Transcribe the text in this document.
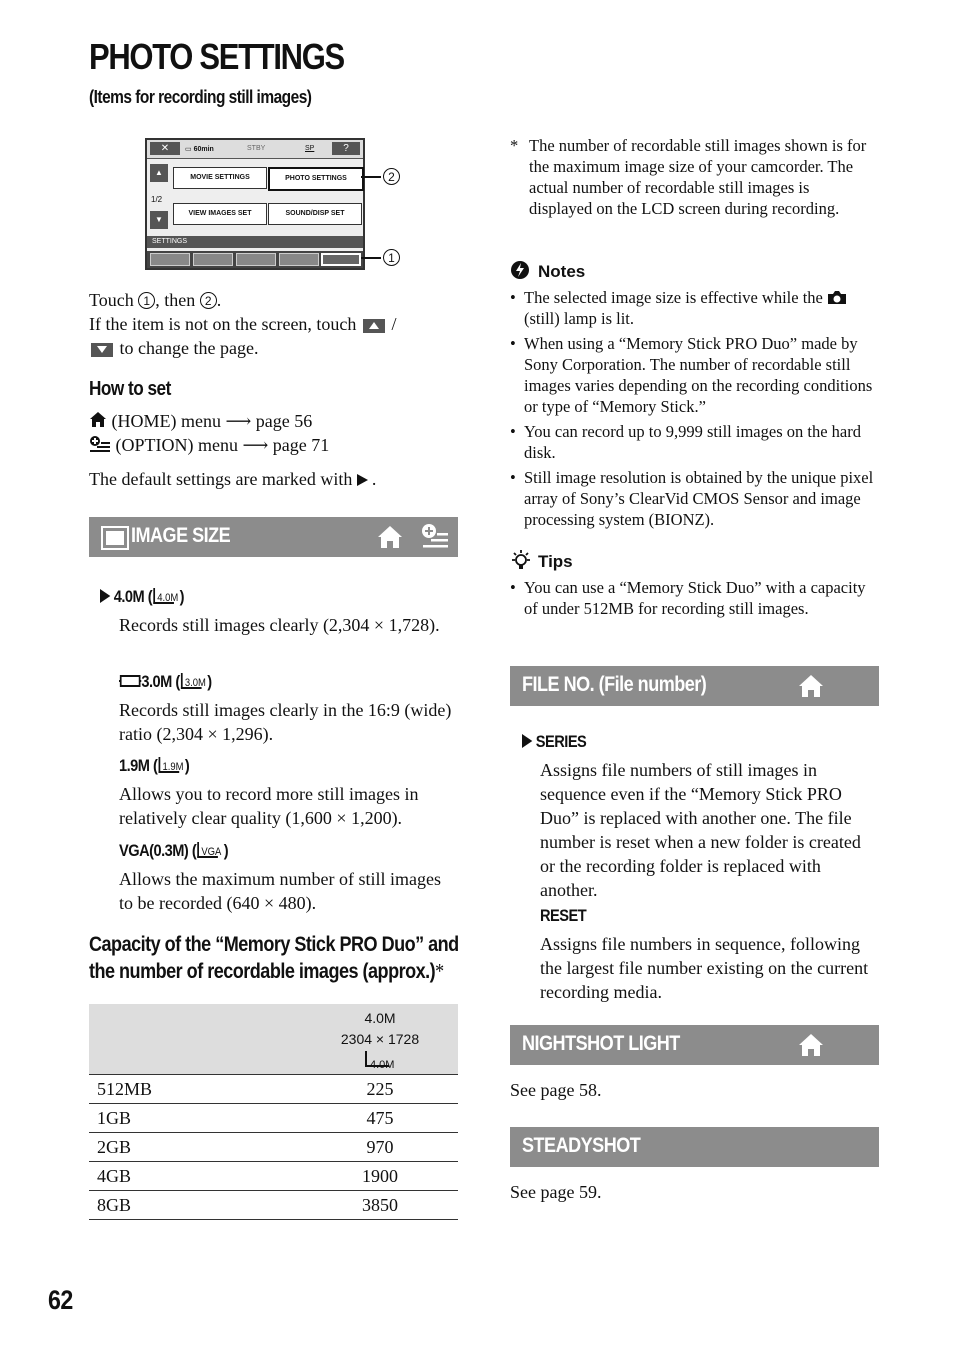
PHOTO SETTINGS
(Items for recording still images)
✕	▭ 60min	STBY	SP	?
▲
1/2
▼
MOVIE SETTINGS	PHOTO SETTINGS
VIEW IMAGES SET	SOUND/DISP SET
SETTINGS
2
1
Touch 1 , then 2 .
If the item is not on the screen, touch  /
to change the page.
How to set
(HOME) menu ⟶ page 56
(OPTION) menu ⟶ page 71
The default settings are marked with .
IMAGE SIZE
4.0M ( 4.0M )
Records still images clearly (2,304 × 1,728).
3.0M ( 3.0M )
Records still images clearly in the 16:9 (wide) ratio (2,304 × 1,296).
1.9M ( 1.9M )
Allows you to record more still images in relatively clear quality (1,600 × 1,200).
VGA(0.3M) ( VGA )
Allows the maximum number of still images to be recorded (640 × 480).
Capacity of the “Memory Stick PRO Duo” and
the number of recordable images (approx.)*

	4.0M
2304 × 1728

4.0M

512MB	225
1GB	475
2GB	970
4GB	1900
8GB	3850
* The number of recordable still images shown is for the maximum image size of your camcorder. The actual number of recordable still images is displayed on the LCD screen during recording.
Notes
• The selected image size is effective while the  (still) lamp is lit.
• When using a “Memory Stick PRO Duo” made by Sony Corporation. The number of recordable still images varies depending on the recording conditions or type of “Memory Stick.”
• You can record up to 9,999 still images on the hard disk.
• Still image resolution is obtained by the unique pixel array of Sony’s ClearVid CMOS Sensor and image processing system (BIONZ).
Tips
• You can use a “Memory Stick Duo” with a capacity of under 512MB for recording still images.
FILE NO. (File number)
SERIES
Assigns file numbers of still images in sequence even if the “Memory Stick PRO Duo” is replaced with another one. The file number is reset when a new folder is created or the recording folder is replaced with another.
RESET
Assigns file numbers in sequence, following the largest file number existing on the current recording media.
NIGHTSHOT LIGHT
See page 58.
STEADYSHOT
See page 59.
62
